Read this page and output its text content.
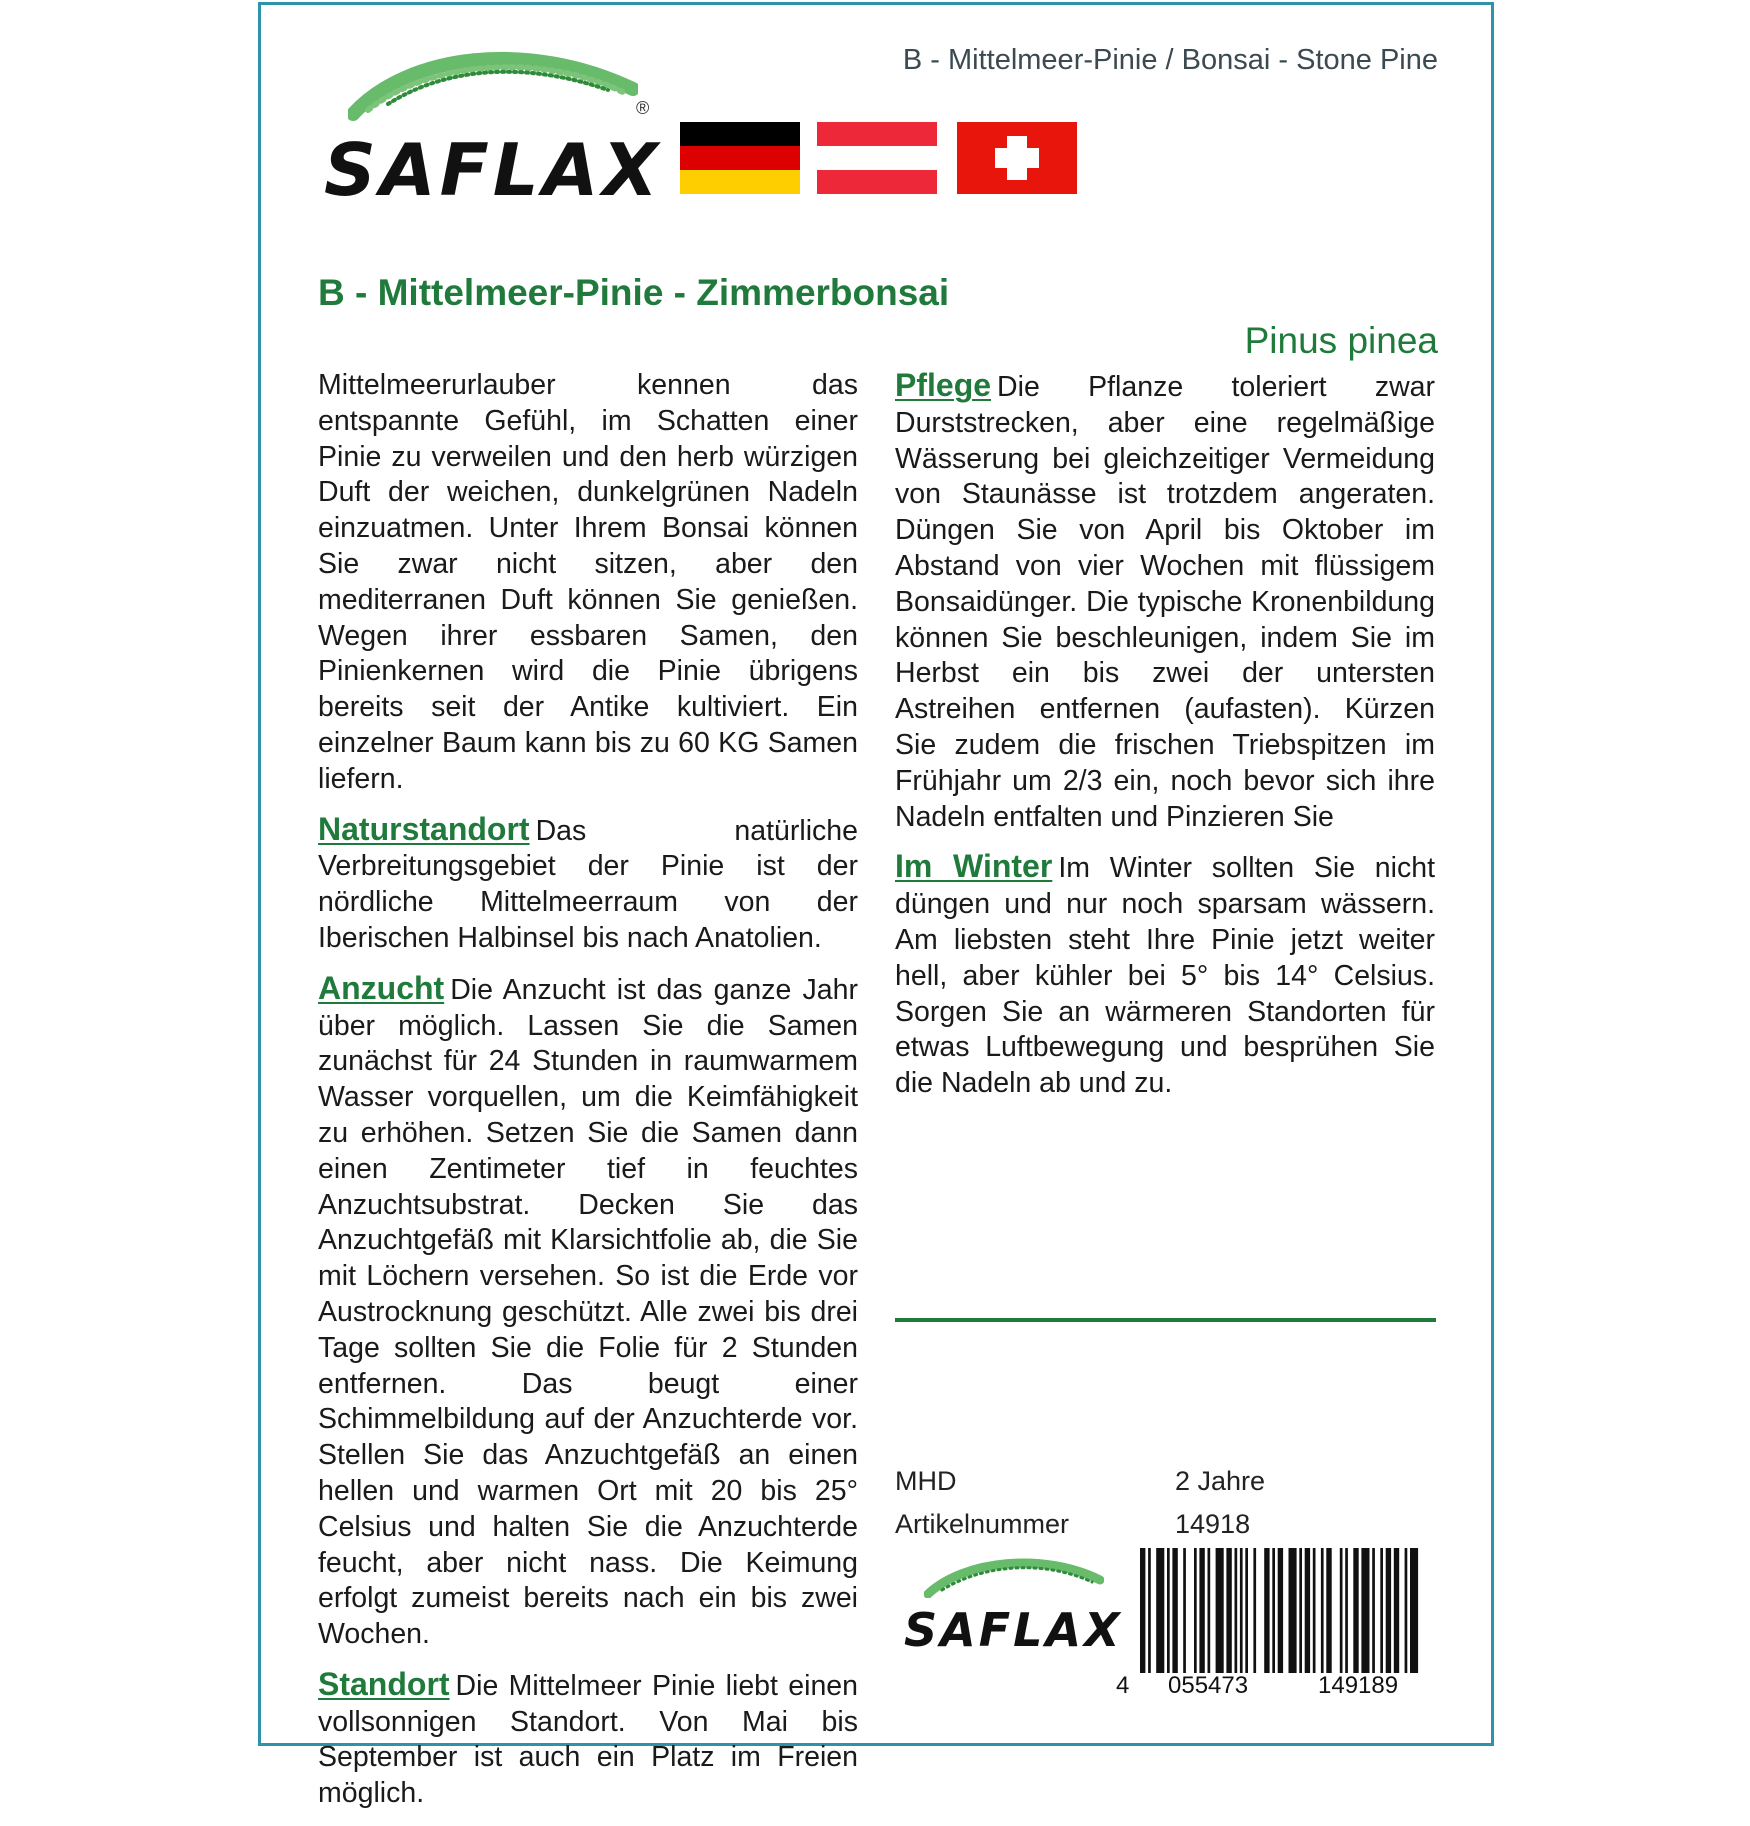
®
SAFLAX
B - Mittelmeer-Pinie / Bonsai - Stone Pine
B - Mittelmeer-Pinie - Zimmerbonsai
Pinus pinea

Mittelmeerurlauber kennen das entspannte Gefühl, im Schatten einer Pinie zu verweilen und den herb würzigen Duft der weichen, dunkelgrünen Nadeln einzuatmen. Unter Ihrem Bonsai können Sie zwar nicht sitzen, aber den mediterranen Duft können Sie genießen. Wegen ihrer essbaren Samen, den Pinienkernen wird die Pinie übrigens bereits seit der Antike kultiviert. Ein einzelner Baum kann bis zu 60 KG Samen liefern.

Naturstandort Das natürliche Verbreitungsgebiet der Pinie ist der nördliche Mittelmeerraum von der Iberischen Halbinsel bis nach Anatolien.

Anzucht Die Anzucht ist das ganze Jahr über möglich. Lassen Sie die Samen zunächst für 24 Stunden in raumwarmem Wasser vorquellen, um die Keimfähigkeit zu erhöhen. Setzen Sie die Samen dann einen Zentimeter tief in feuchtes Anzuchtsubstrat. Decken Sie das Anzuchtgefäß mit Klarsichtfolie ab, die Sie mit Löchern versehen. So ist die Erde vor Austrocknung geschützt. Alle zwei bis drei Tage sollten Sie die Folie für 2 Stunden entfernen. Das beugt einer Schimmelbildung auf der Anzuchterde vor. Stellen Sie das Anzuchtgefäß an einen hellen und warmen Ort mit 20 bis 25° Celsius und halten Sie die Anzuchterde feucht, aber nicht nass. Die Keimung erfolgt zumeist bereits nach ein bis zwei Wochen.

Standort Die Mittelmeer Pinie liebt einen vollsonnigen Standort. Von Mai bis September ist auch ein Platz im Freien möglich.

Pflege Die Pflanze toleriert zwar Durststrecken, aber eine regelmäßige Wässerung bei gleichzeitiger Vermeidung von Staunässe ist trotzdem angeraten. Düngen Sie von April bis Oktober im Abstand von vier Wochen mit flüssigem Bonsaidünger. Die typische Kronenbildung können Sie beschleunigen, indem Sie im Herbst ein bis zwei der untersten Astreihen entfernen (aufasten). Kürzen Sie zudem die frischen Triebspitzen im Frühjahr um 2/3 ein, noch bevor sich ihre Nadeln entfalten und Pinzieren Sie

Im Winter Im Winter sollten Sie nicht düngen und nur noch sparsam wässern. Am liebsten steht Ihre Pinie jetzt weiter hell, aber kühler bei 5° bis 14° Celsius. Sorgen Sie an wärmeren Standorten für etwas Luftbewegung und besprühen Sie die Nadeln ab und zu.

MHD	2 Jahre
Artikelnummer	14918
SAFLAX
4 055473	149189
